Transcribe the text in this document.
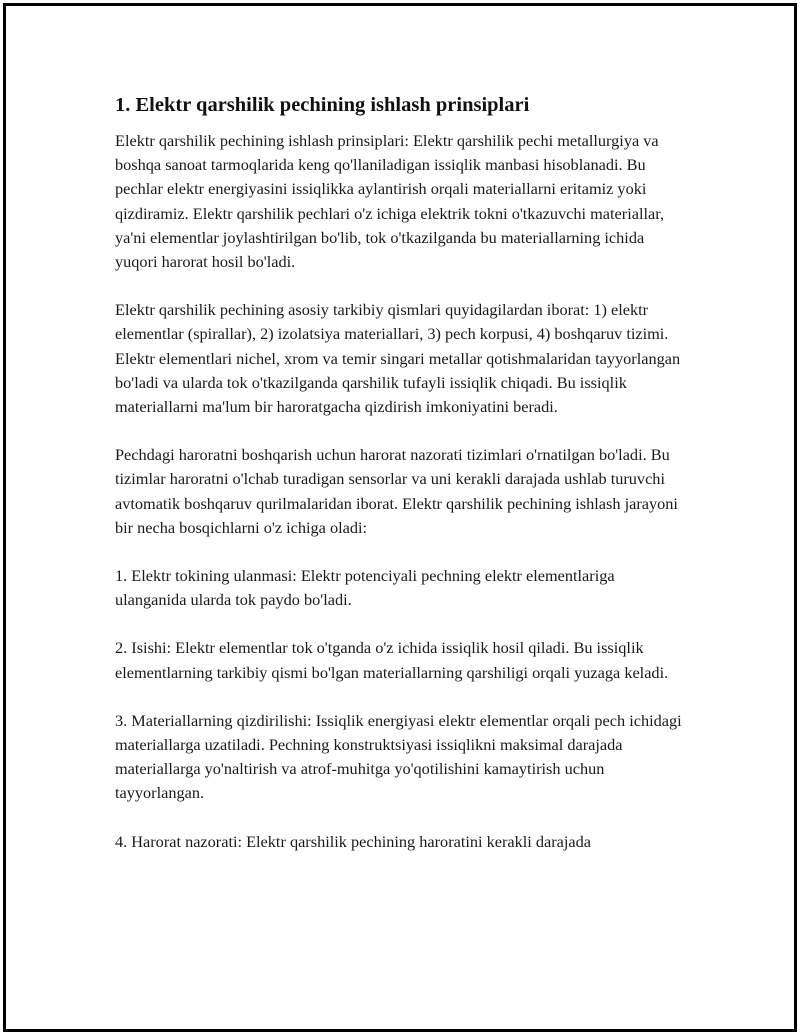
1. Elektr qarshilik pechining ishlash prinsiplari

Elektr qarshilik pechining ishlash prinsiplari: Elektr qarshilik pechi metallurgiya va boshqa sanoat tarmoqlarida keng qo'llaniladigan issiqlik manbasi hisoblanadi. Bu pechlar elektr energiyasini issiqlikka aylantirish orqali materiallarni eritamiz yoki qizdiramiz. Elektr qarshilik pechlari o'z ichiga elektrik tokni o'tkazuvchi materiallar, ya'ni elementlar joylashtirilgan bo'lib, tok o'tkazilganda bu materiallarning ichida yuqori harorat hosil bo'ladi.

Elektr qarshilik pechining asosiy tarkibiy qismlari quyidagilardan iborat: 1) elektr elementlar (spirallar), 2) izolatsiya materiallari, 3) pech korpusi, 4) boshqaruv tizimi. Elektr elementlari nichel, xrom va temir singari metallar qotishmalaridan tayyorlangan bo'ladi va ularda tok o'tkazilganda qarshilik tufayli issiqlik chiqadi. Bu issiqlik materiallarni ma'lum bir haroratgacha qizdirish imkoniyatini beradi.

Pechdagi haroratni boshqarish uchun harorat nazorati tizimlari o'rnatilgan bo'ladi. Bu tizimlar haroratni o'lchab turadigan sensorlar va uni kerakli darajada ushlab turuvchi avtomatik boshqaruv qurilmalaridan iborat. Elektr qarshilik pechining ishlash jarayoni bir necha bosqichlarni o'z ichiga oladi:

1. Elektr tokining ulanmasi: Elektr potenciyali pechning elektr elementlariga ulanganida ularda tok paydo bo'ladi.

2. Isishi: Elektr elementlar tok o'tganda o'z ichida issiqlik hosil qiladi. Bu issiqlik elementlarning tarkibiy qismi bo'lgan materiallarning qarshiligi orqali yuzaga keladi.

3. Materiallarning qizdirilishi: Issiqlik energiyasi elektr elementlar orqali pech ichidagi materiallarga uzatiladi. Pechning konstruktsiyasi issiqlikni maksimal darajada materiallarga yo'naltirish va atrof-muhitga yo'qotilishini kamaytirish uchun tayyorlangan.

4. Harorat nazorati: Elektr qarshilik pechining haroratini kerakli darajada
